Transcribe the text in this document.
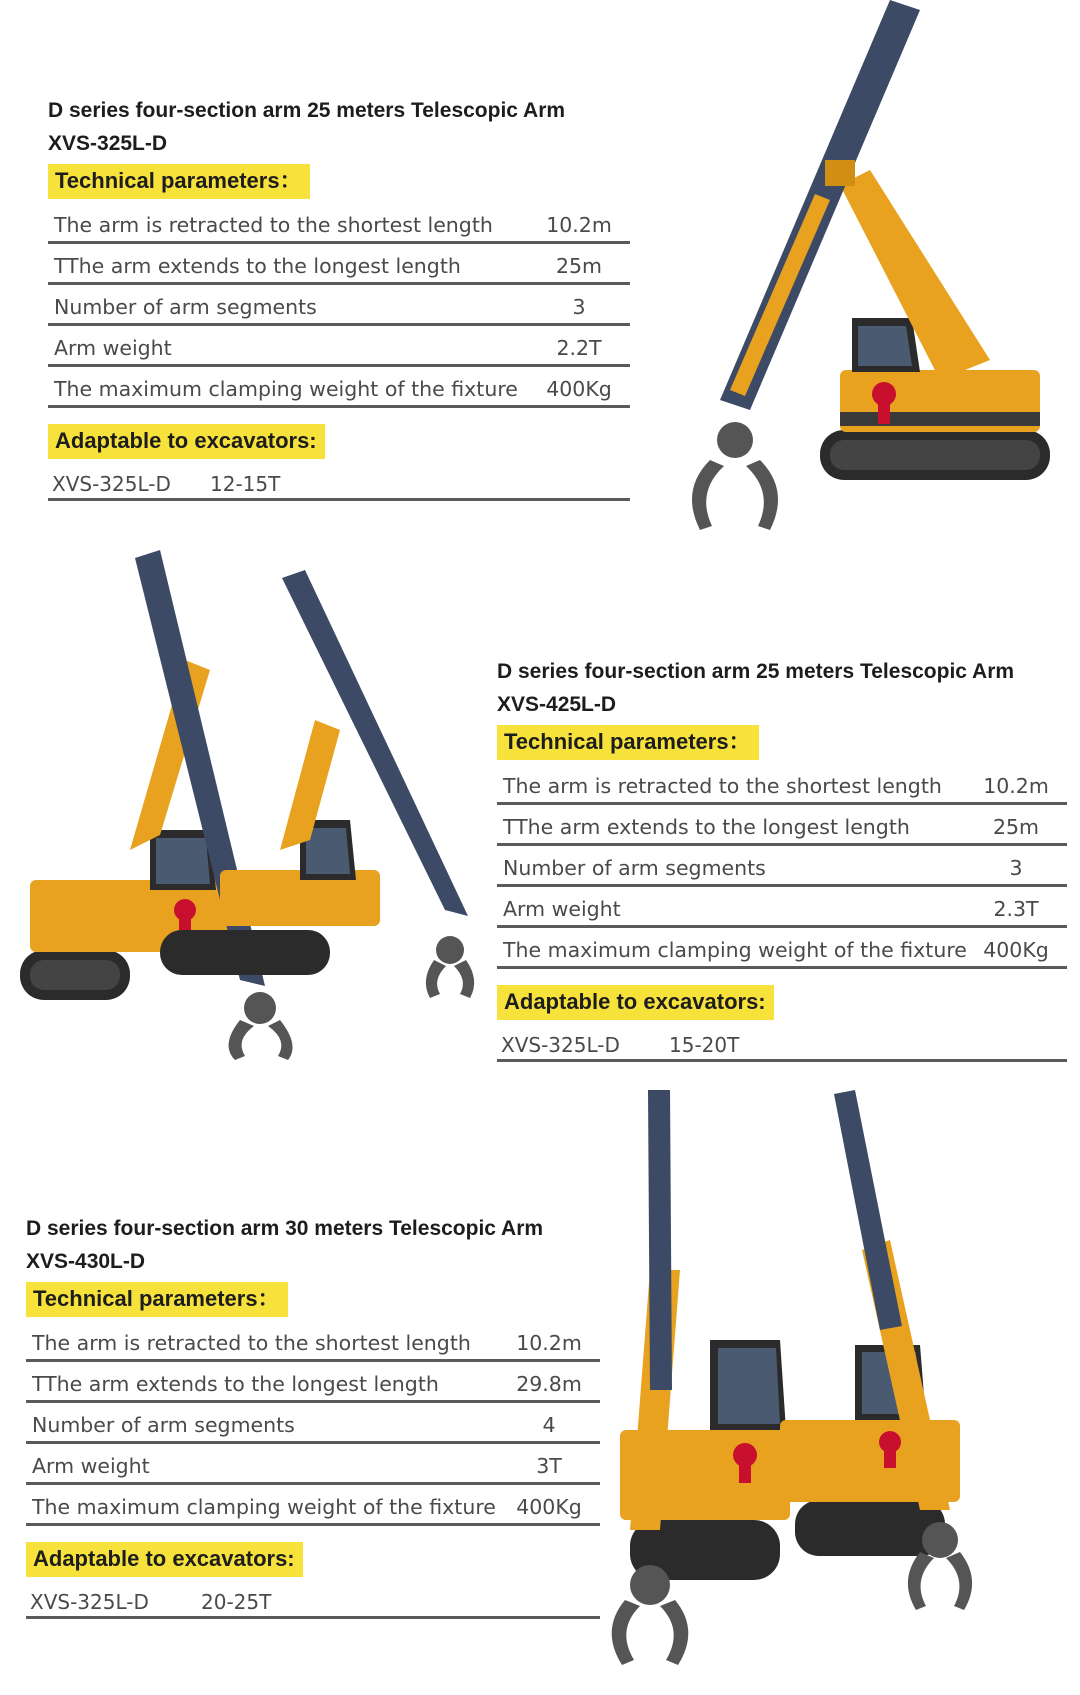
D series four-section arm 25 meters Telescopic Arm
XVS-325L-D
Technical parameters：
The arm is retracted to the shortest length	10.2m
TThe arm extends to the longest length	25m
Number of arm segments	3
Arm weight	2.2T
The maximum clamping weight of the fixture	400Kg
Adaptable to excavators:
XVS-325L-D 12-15T
D series four-section arm 25 meters Telescopic Arm
XVS-425L-D
Technical parameters：
The arm is retracted to the shortest length	10.2m
TThe arm extends to the longest length	25m
Number of arm segments	3
Arm weight	2.3T
The maximum clamping weight of the fixture 400Kg
Adaptable to excavators:
XVS-325L-D 15-20T
D series four-section arm 30 meters Telescopic Arm
XVS-430L-D
Technical parameters：
The arm is retracted to the shortest length	10.2m
TThe arm extends to the longest length	29.8m
Number of arm segments	4
Arm weight	3T
The maximum clamping weight of the fixture 400Kg
Adaptable to excavators:
XVS-325L-D	20-25T
